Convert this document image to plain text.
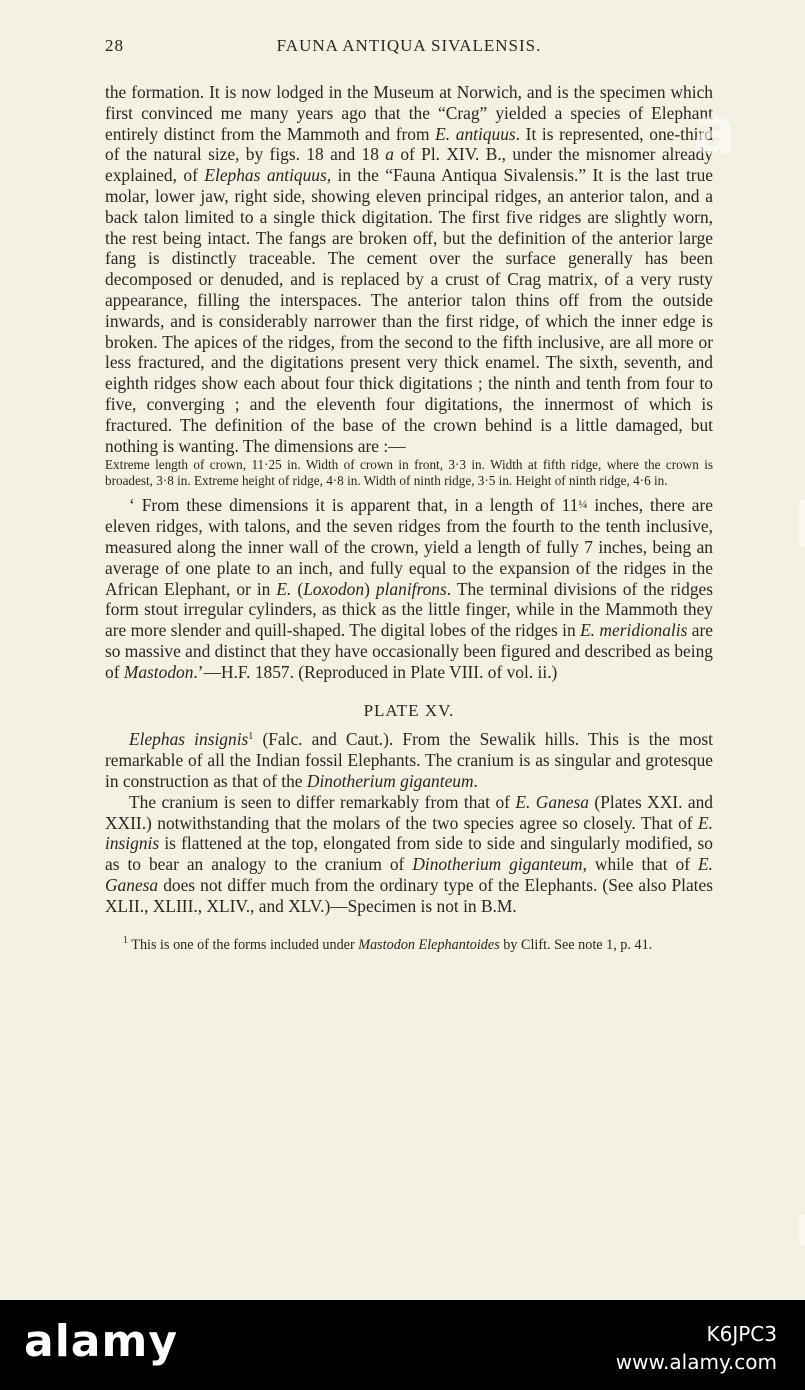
28	FAUNA ANTIQUA SIVALENSIS.

the formation. It is now lodged in the Museum at Norwich, and is the specimen which first convinced me many years ago that the “Crag” yielded a species of Elephant entirely distinct from the Mammoth and from E. antiquus. It is represented, one-third of the natural size, by figs. 18 and 18 a of Pl. XIV. B., under the misnomer already explained, of Elephas antiquus, in the “Fauna Antiqua Sivalensis.” It is the last true molar, lower jaw, right side, showing eleven principal ridges, an anterior talon, and a back talon limited to a single thick digitation. The first five ridges are slightly worn, the rest being intact. The fangs are broken off, but the definition of the anterior large fang is distinctly traceable. The cement over the surface generally has been decomposed or denuded, and is replaced by a crust of Crag matrix, of a very rusty appearance, filling the interspaces. The anterior talon thins off from the outside inwards, and is considerably narrower than the first ridge, of which the inner edge is broken. The apices of the ridges, from the second to the fifth inclusive, are all more or less fractured, and the digitations present very thick enamel. The sixth, seventh, and eighth ridges show each about four thick digitations ; the ninth and tenth from four to five, converging ; and the eleventh four digitations, the innermost of which is fractured. The definition of the base of the crown behind is a little damaged, but nothing is wanting. The dimensions are :—

Extreme length of crown, 11·25 in. Width of crown in front, 3·3 in. Width at fifth ridge, where the crown is broadest, 3·8 in. Extreme height of ridge, 4·8 in. Width of ninth ridge, 3·5 in. Height of ninth ridge, 4·6 in.

‘ From these dimensions it is apparent that, in a length of 11¼ inches, there are eleven ridges, with talons, and the seven ridges from the fourth to the tenth inclusive, measured along the inner wall of the crown, yield a length of fully 7 inches, being an average of one plate to an inch, and fully equal to the expansion of the ridges in the African Elephant, or in E. (Loxodon) planifrons. The terminal divisions of the ridges form stout irregular cylinders, as thick as the little finger, while in the Mammoth they are more slender and quill-shaped. The digital lobes of the ridges in E. meridionalis are so massive and distinct that they have occasionally been figured and described as being of Mastodon.’—H.F. 1857. (Reproduced in Plate VIII. of vol. ii.)

PLATE XV.

Elephas insignis$^1$ (Falc. and Caut.). From the Sewalik hills. This is the most remarkable of all the Indian fossil Elephants. The cranium is as singular and grotesque in construction as that of the Dinotherium giganteum.

The cranium is seen to differ remarkably from that of E. Ganesa (Plates XXI. and XXII.) notwithstanding that the molars of the two species agree so closely. That of E. insignis is flattened at the top, elongated from side to side and singularly modified, so as to bear an analogy to the cranium of Dinotherium giganteum, while that of E. Ganesa does not differ much from the ordinary type of the Elephants. (See also Plates XLII., XLIII., XLIV., and XLV.)—Specimen is not in B.M.

$^1$ This is one of the forms included under Mastodon Elephantoides by Clift. See note 1, p. 41.

a
alamy	K6JPC3
www.alamy.com
